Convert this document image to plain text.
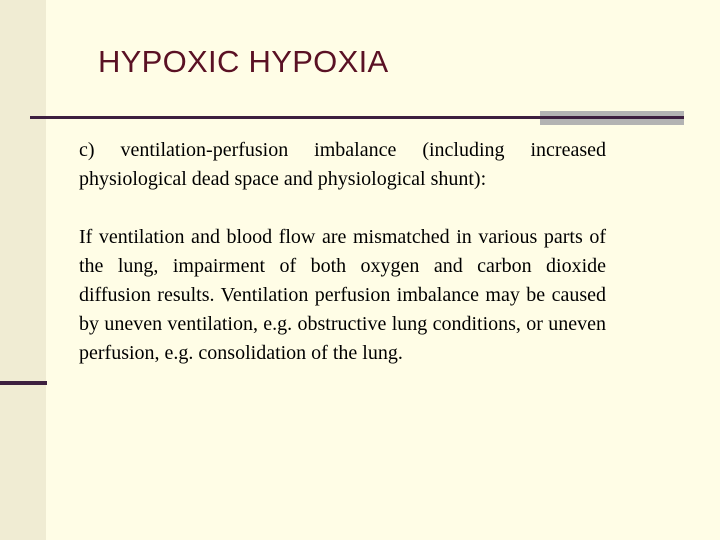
HYPOXIC HYPOXIA

c) ventilation-perfusion imbalance (including increased physiological dead space and physiological shunt):

If ventilation and blood flow are mismatched in various parts of the lung, impairment of both oxygen and carbon dioxide diffusion results. Ventilation perfusion imbalance may be caused by uneven ventilation, e.g. obstructive lung conditions, or uneven perfusion, e.g. consolidation of the lung.
